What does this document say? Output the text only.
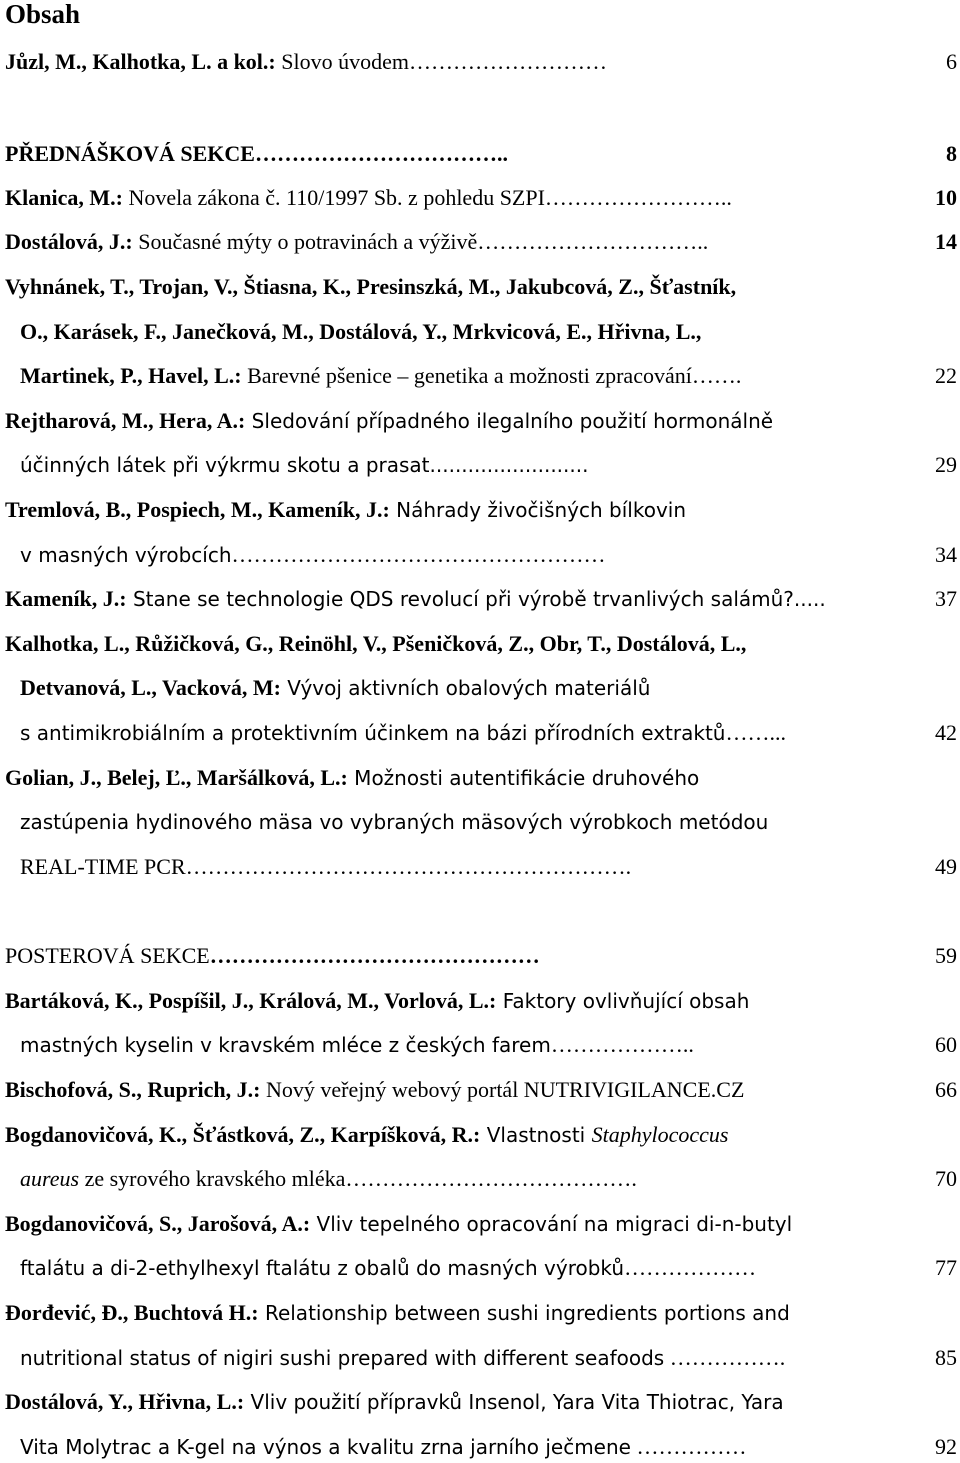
Obsah
Jůzl, M., Kalhotka, L. a kol.: Slovo úvodem………………………	6
PŘEDNÁŠKOVÁ SEKCE……………………………..	8
Klanica, M.: Novela zákona č. 110/1997 Sb. z pohledu SZPI……………………..	10
Dostálová, J.: Současné mýty o potravinách a výživě…………………………..	14
Vyhnánek, T., Trojan, V., Štiasna, K., Presinszká, M., Jakubcová, Z., Šťastník,
O., Karásek, F., Janečková, M., Dostálová, Y., Mrkvicová, E., Hřivna, L.,
Martinek, P., Havel, L.: Barevné pšenice – genetika a možnosti zpracování…….	22
Rejtharová, M., Hera, A.: Sledování případného ilegalního použití hormonálně
účinných látek při výkrmu skotu a prasat.........................	29
Tremlová, B., Pospiech, M., Kameník, J.: Náhrady živočišných bílkovin
v masných výrobcích……………………………………………	34
Kameník, J.: Stane se technologie QDS revolucí při výrobě trvanlivých salámů?.....	37
Kalhotka, L., Růžičková, G., Reinöhl, V., Pšeničková, Z., Obr, T., Dostálová, L.,
Detvanová, L., Vacková, M: Vývoj aktivních obalových materiálů
s antimikrobiálním a protektivním účinkem na bázi přírodních extraktů……...	42
Golian, J., Belej, Ľ., Maršálková, L.: Možnosti autentifikácie druhového
zastúpenia hydinového mäsa vo vybraných mäsových výrobkoch metódou
REAL-TIME PCR…………………………………………………….	49
POSTEROVÁ SEKCE………………………………………	59
Bartáková, K., Pospíšil, J., Králová, M., Vorlová, L.: Faktory ovlivňující obsah
mastných kyselin v kravském mléce z českých farem………………..	60
Bischofová, S., Ruprich, J.: Nový veřejný webový portál NUTRIVIGILANCE.CZ	66
Bogdanovičová, K., Šťástková, Z., Karpíšková, R.: Vlastnosti Staphylococcus
aureus ze syrového kravského mléka………………………………….	70
Bogdanovičová, S., Jarošová, A.: Vliv tepelného opracování na migraci di-n-butyl
ftalátu a di-2-ethylhexyl ftalátu z obalů do masných výrobků………………	77
Đorđević, Đ., Buchtová H.: Relationship between sushi ingredients portions and
nutritional status of nigiri sushi prepared with different seafoods …………….	85
Dostálová, Y., Hřivna, L.: Vliv použití přípravků Insenol, Yara Vita Thiotrac, Yara
Vita Molytrac a K-gel na výnos a kvalitu zrna jarního ječmene ……………	92
